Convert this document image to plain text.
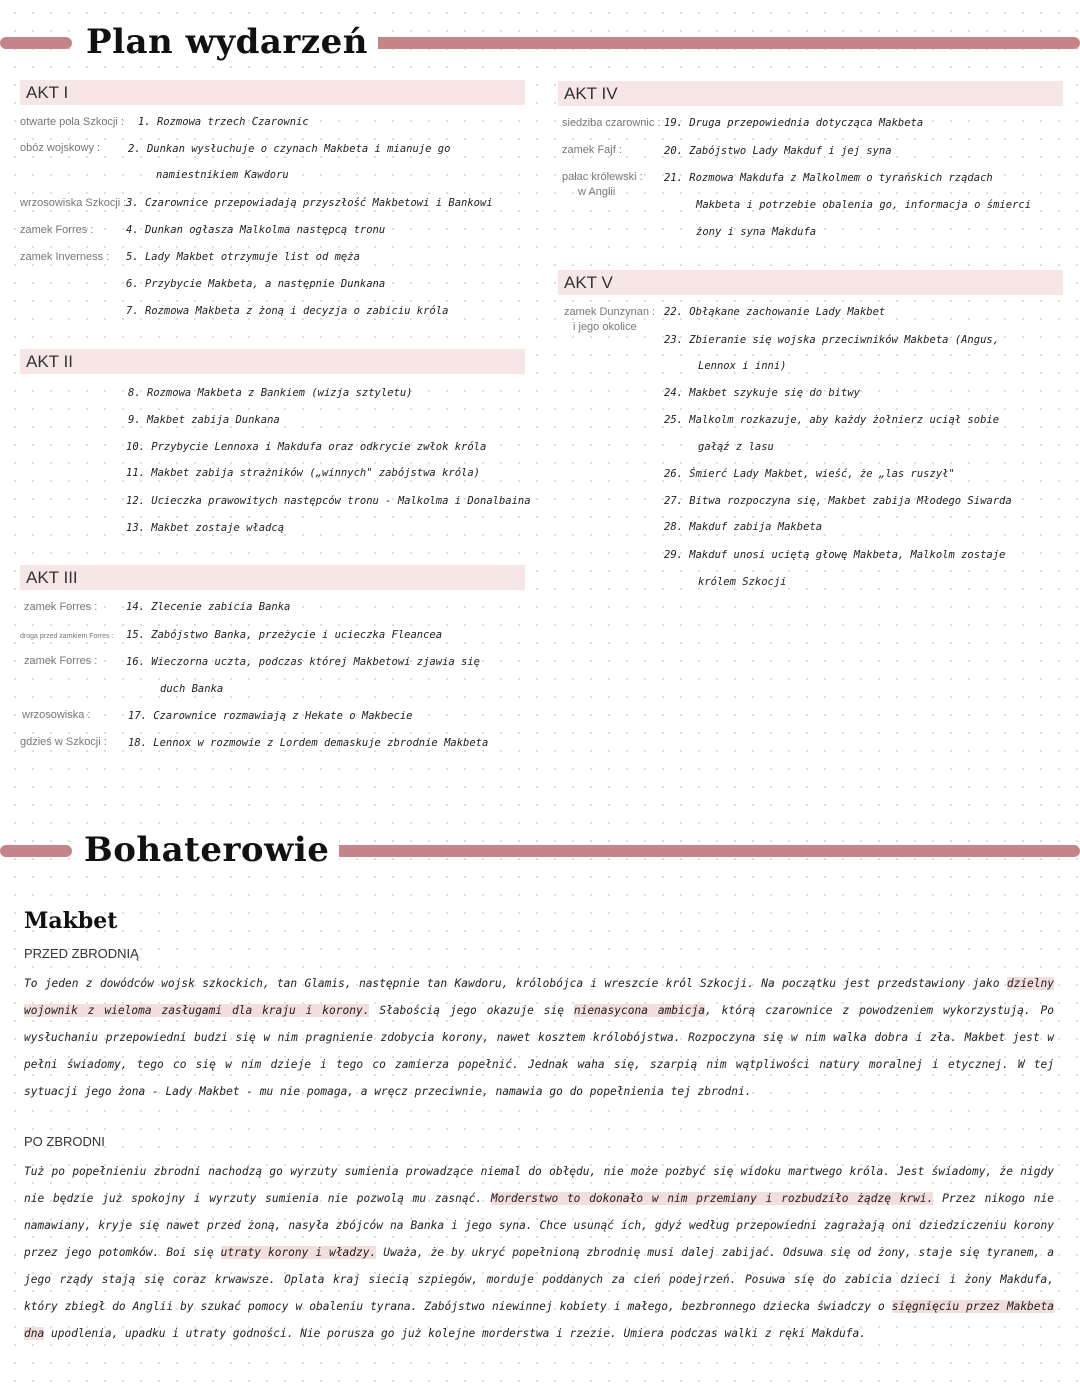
Plan wydarzeń
AKT I
otwarte pola Szkocji :
obóz wojskowy :
wrzosowiska Szkocji :
zamek Forres :
zamek Inverness :
1. Rozmowa trzech Czarownic
2. Dunkan wysłuchuje o czynach Makbeta i mianuje go
namiestnikiem Kawdoru
3. Czarownice przepowiadają przyszłość Makbetowi i Bankowi
4. Dunkan ogłasza Malkolma następcą tronu
5. Lady Makbet otrzymuje list od męża
6. Przybycie Makbeta, a następnie Dunkana
7. Rozmowa Makbeta z żoną i decyzja o zabiciu króla
AKT II
8. Rozmowa Makbeta z Bankiem (wizja sztyletu)
9. Makbet zabija Dunkana
10. Przybycie Lennoxa i Makdufa oraz odkrycie zwłok króla
11. Makbet zabija strażników („winnych" zabójstwa króla)
12. Ucieczka prawowitych następców tronu - Malkolma i Donalbaina
13. Makbet zostaje władcą
AKT III
zamek Forres :
droga przed zamkiem Forres :
zamek Forres :
wrzosowiska :
gdzieś w Szkocji :
14. Zlecenie zabicia Banka
15. Zabójstwo Banka, przeżycie i ucieczka Fleancea
16. Wieczorna uczta, podczas której Makbetowi zjawia się
duch Banka
17. Czarownice rozmawiają z Hekate o Makbecie
18. Lennox w rozmowie z Lordem demaskuje zbrodnie Makbeta
AKT IV
siedziba czarownic :
zamek Fajf :
pałac królewski :
w Anglii
19. Druga przepowiednia dotycząca Makbeta
20. Zabójstwo Lady Makduf i jej syna
21. Rozmowa Makdufa z Malkolmem o tyrańskich rządach
Makbeta i potrzebie obalenia go, informacja o śmierci
żony i syna Makdufa
AKT V
zamek Dunzynan :
i jego okolice
22. Obłąkane zachowanie Lady Makbet
23. Zbieranie się wojska przeciwników Makbeta (Angus,
Lennox i inni)
24. Makbet szykuje się do bitwy
25. Malkolm rozkazuje, aby każdy żołnierz uciął sobie
gałąź z lasu
26. Śmierć Lady Makbet, wieść, że „las ruszył"
27. Bitwa rozpoczyna się, Makbet zabija Młodego Siwarda
28. Makduf zabija Makbeta
29. Makduf unosi uciętą głowę Makbeta, Malkolm zostaje
królem Szkocji
Bohaterowie
Makbet
PRZED ZBRODNIĄ
To jeden z dowódców wojsk szkockich, tan Glamis, następnie tan Kawdoru, królobójca i wreszcie król Szkocji. Na początku jest przedstawiony jako dzielny wojownik z wieloma zasługami dla kraju i korony. Słabością jego okazuje się nienasycona ambicja, którą czarownice z powodzeniem wykorzystują. Po wysłuchaniu przepowiedni budzi się w nim pragnienie zdobycia korony, nawet kosztem królobójstwa. Rozpoczyna się w nim walka dobra i zła. Makbet jest w pełni świadomy, tego co się w nim dzieje i tego co zamierza popełnić. Jednak waha się, szarpią nim wątpliwości natury moralnej i etycznej. W tej sytuacji jego żona - Lady Makbet - mu nie pomaga, a wręcz przeciwnie, namawia go do popełnienia tej zbrodni.
PO ZBRODNI
Tuż po popełnieniu zbrodni nachodzą go wyrzuty sumienia prowadzące niemal do obłędu, nie może pozbyć się widoku martwego króla. Jest świadomy, że nigdy nie będzie już spokojny i wyrzuty sumienia nie pozwolą mu zasnąć. Morderstwo to dokonało w nim przemiany i rozbudziło żądzę krwi. Przez nikogo nie namawiany, kryje się nawet przed żoną, nasyła zbójców na Banka i jego syna. Chce usunąć ich, gdyż według przepowiedni zagrażają oni dziedziczeniu korony przez jego potomków. Boi się utraty korony i władzy. Uważa, że by ukryć popełnioną zbrodnię musi dalej zabijać. Odsuwa się od żony, staje się tyranem, a jego rządy stają się coraz krwawsze. Oplata kraj siecią szpiegów, morduje poddanych za cień podejrzeń. Posuwa się do zabicia dzieci i żony Makdufa, który zbiegł do Anglii by szukać pomocy w obaleniu tyrana. Zabójstwo niewinnej kobiety i małego, bezbronnego dziecka świadczy o sięgnięciu przez Makbeta dna upodlenia, upadku i utraty godności. Nie porusza go już kolejne morderstwa i rzezie. Umiera podczas walki z ręki Makdufa.
